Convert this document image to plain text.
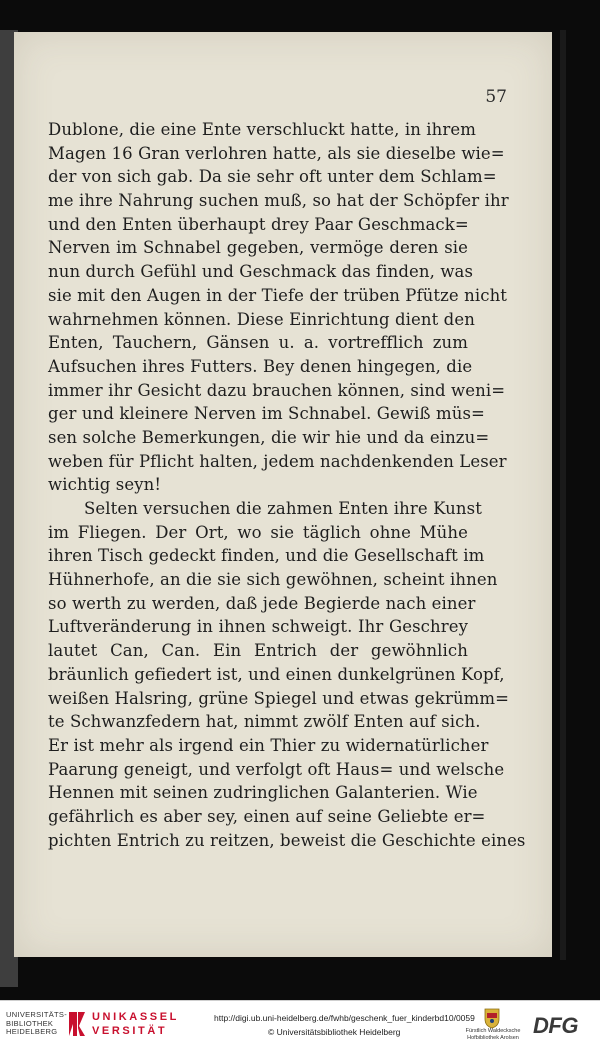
57
Dublone, die eine Ente verschluckt hatte, in ihrem
Magen 16 Gran verlohren hatte, als sie dieselbe wie=
der von sich gab. Da sie sehr oft unter dem Schlam=
me ihre Nahrung suchen muß, so hat der Schöpfer ihr
und den Enten überhaupt drey Paar Geschmack=
Nerven im Schnabel gegeben, vermöge deren sie
nun durch Gefühl und Geschmack das finden, was
sie mit den Augen in der Tiefe der trüben Pfütze nicht
wahrnehmen können. Diese Einrichtung dient den
Enten, Tauchern, Gänsen u. a. vortrefflich zum
Aufsuchen ihres Futters. Bey denen hingegen, die
immer ihr Gesicht dazu brauchen können, sind weni=
ger und kleinere Nerven im Schnabel. Gewiß müs=
sen solche Bemerkungen, die wir hie und da einzu=
weben für Pflicht halten, jedem nachdenkenden Leser
wichtig seyn!
Selten versuchen die zahmen Enten ihre Kunst
im Fliegen. Der Ort, wo sie täglich ohne Mühe
ihren Tisch gedeckt finden, und die Gesellschaft im
Hühnerhofe, an die sie sich gewöhnen, scheint ihnen
so werth zu werden, daß jede Begierde nach einer
Luftveränderung in ihnen schweigt. Ihr Geschrey
lautet Can, Can. Ein Entrich der gewöhnlich
bräunlich gefiedert ist, und einen dunkelgrünen Kopf,
weißen Halsring, grüne Spiegel und etwas gekrümm=
te Schwanzfedern hat, nimmt zwölf Enten auf sich.
Er ist mehr als irgend ein Thier zu widernatürlicher
Paarung geneigt, und verfolgt oft Haus= und welsche
Hennen mit seinen zudringlichen Galanterien. Wie
gefährlich es aber sey, einen auf seine Geliebte er=
pichten Entrich zu reitzen, beweist die Geschichte eines
UNIVERSITÄTS-
BIBLIOTHEK
HEIDELBERG
UNIKASSEL
VERSITÄT
http://digi.ub.uni-heidelberg.de/fwhb/geschenk_fuer_kinderbd10/0059
© Universitätsbibliothek Heidelberg	Fürstlich Waldecksche
Hofbibliothek Arolsen DFG
